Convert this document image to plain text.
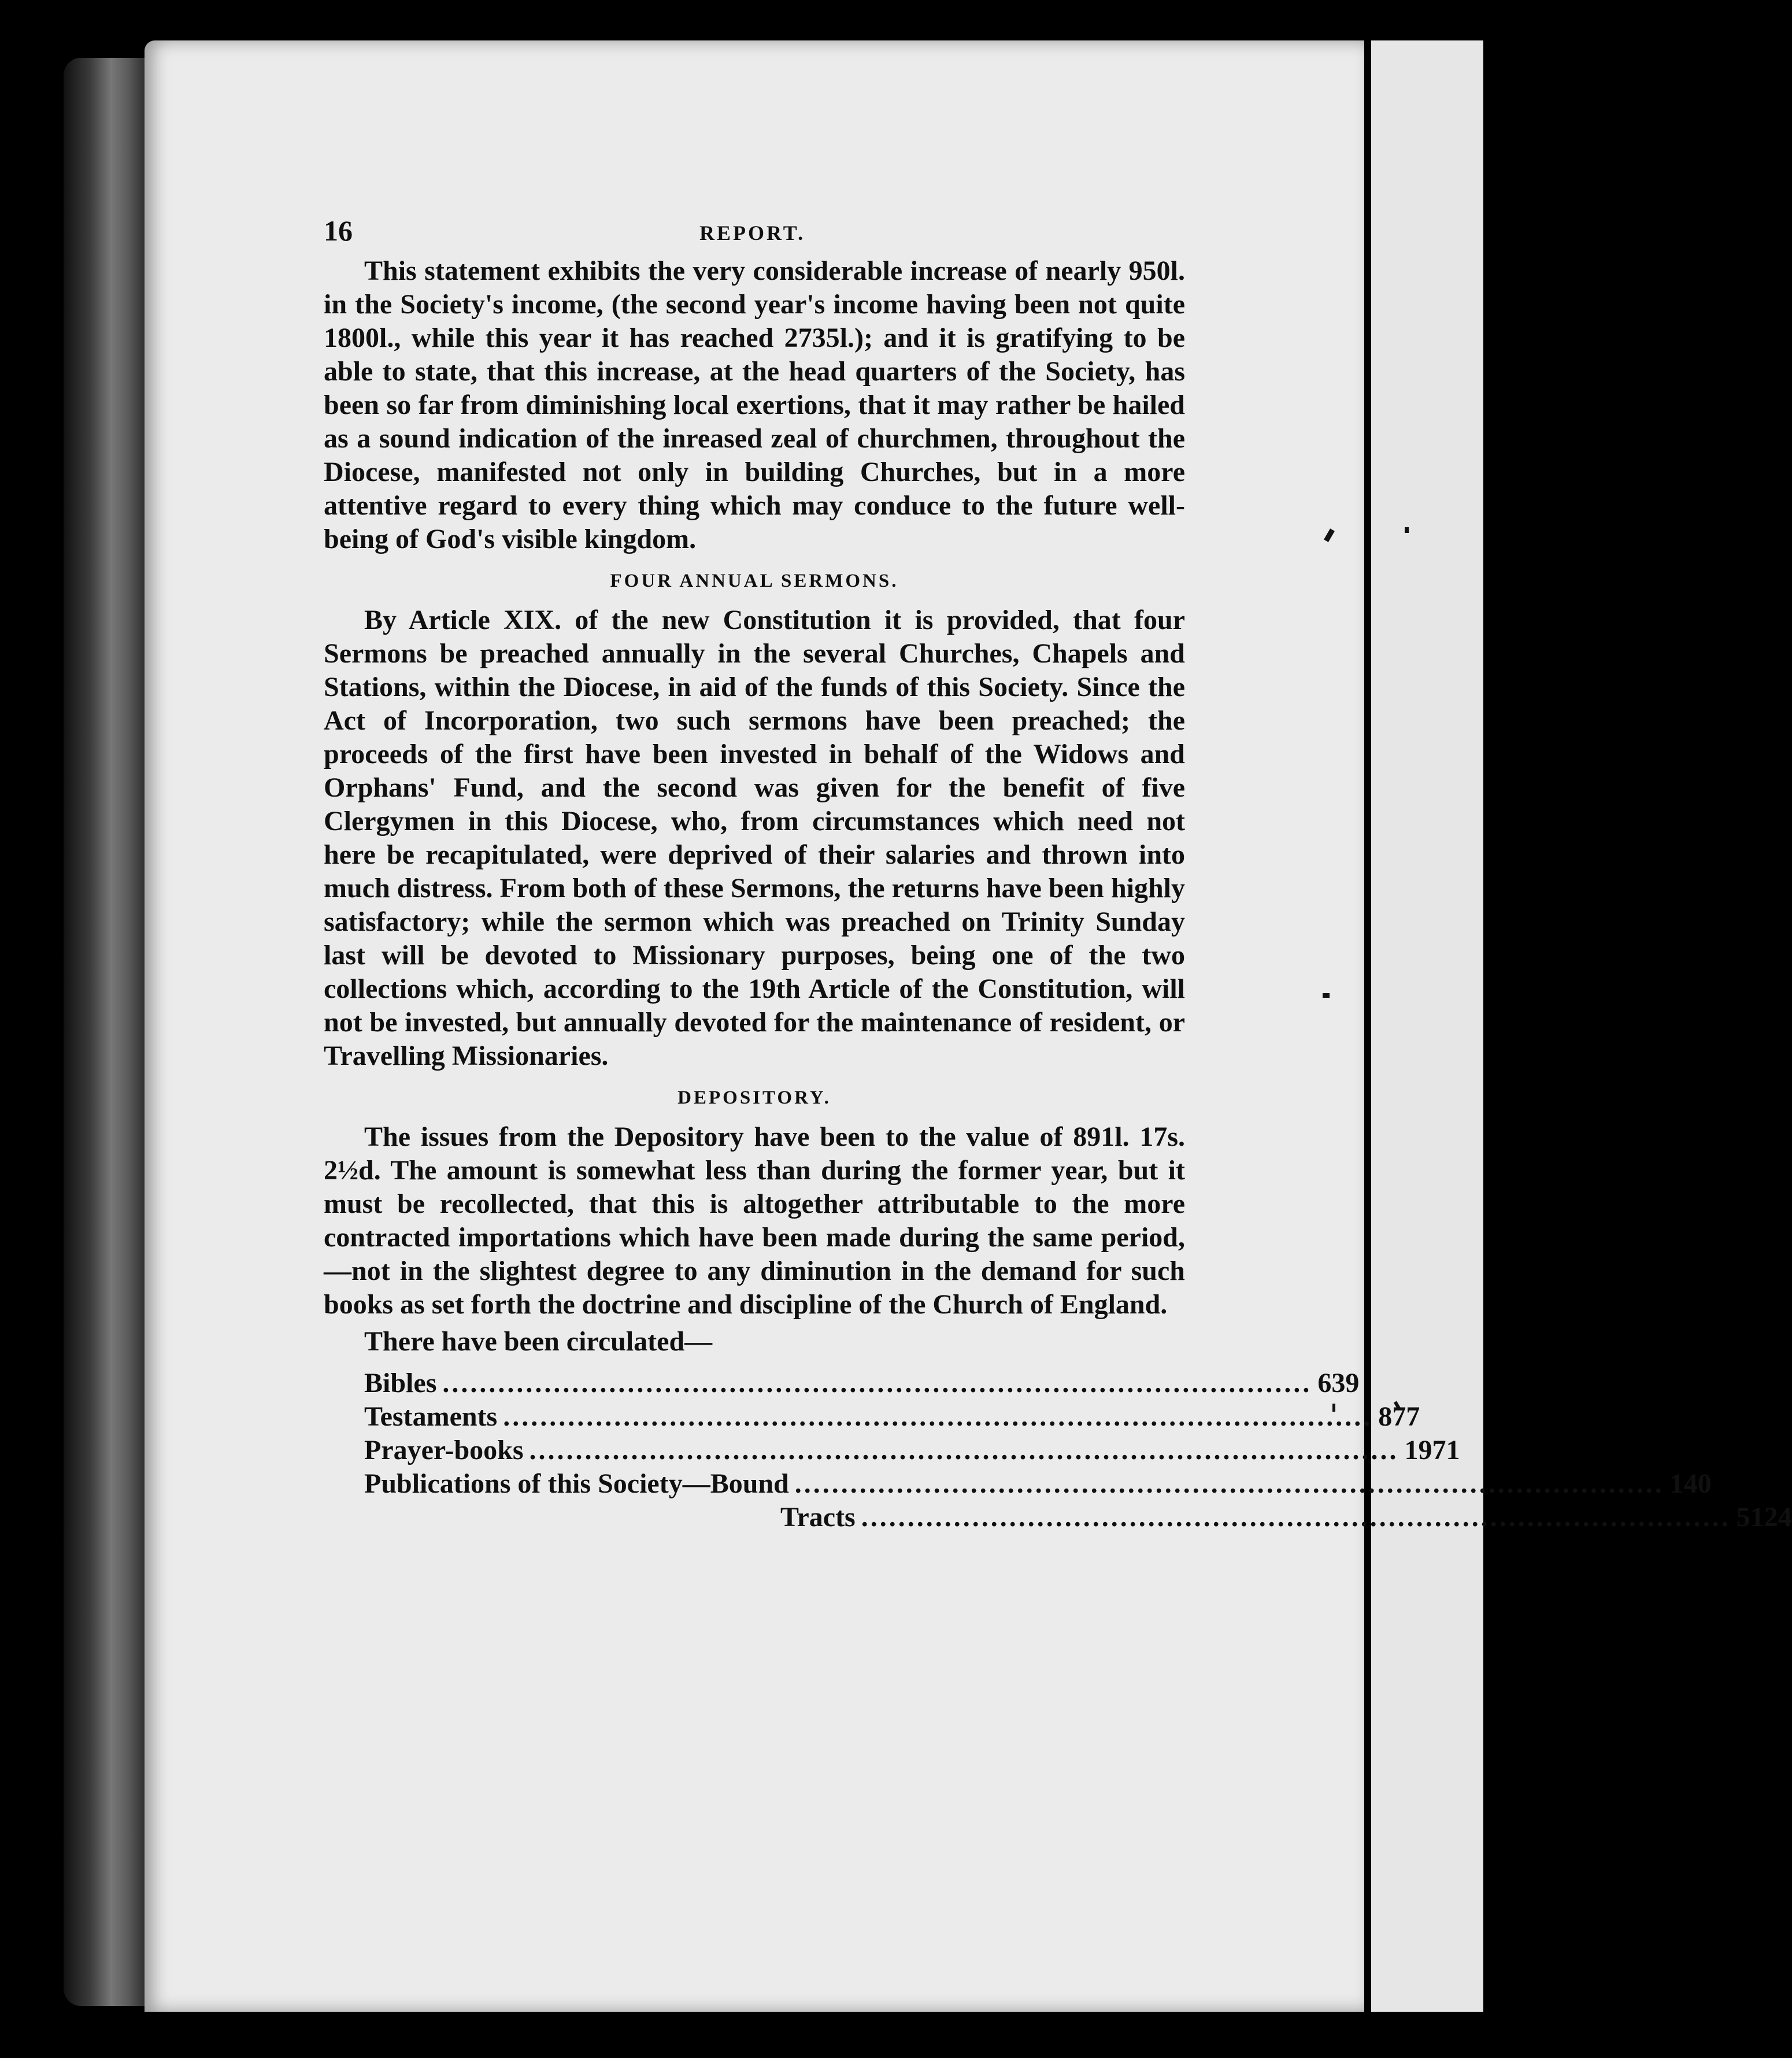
16	REPORT.

This statement exhibits the very considerable increase of nearly 950l. in the Society's income, (the second year's income having been not quite 1800l., while this year it has reached 2735l.); and it is gratifying to be able to state, that this increase, at the head quarters of the Society, has been so far from diminishing local exertions, that it may rather be hailed as a sound indication of the inreased zeal of churchmen, throughout the Diocese, manifested not only in building Churches, but in a more attentive regard to every thing which may conduce to the future well-being of God's visible kingdom.

FOUR ANNUAL SERMONS.

By Article XIX. of the new Constitution it is provided, that four Sermons be preached annually in the several Churches, Chapels and Stations, within the Diocese, in aid of the funds of this Society. Since the Act of Incorporation, two such sermons have been preached; the proceeds of the first have been invested in behalf of the Widows and Orphans' Fund, and the second was given for the benefit of five Clergymen in this Diocese, who, from circumstances which need not here be recapitulated, were deprived of their salaries and thrown into much distress. From both of these Sermons, the returns have been highly satisfactory; while the sermon which was preached on Trinity Sunday last will be devoted to Missionary purposes, being one of the two collections which, according to the 19th Article of the Constitution, will not be invested, but annually devoted for the maintenance of resident, or Travelling Missionaries.

DEPOSITORY.

The issues from the Depository have been to the value of 891l. 17s. 2½d. The amount is somewhat less than during the former year, but it must be recollected, that this is altogether attributable to the more contracted importations which have been made during the same period,—not in the slightest degree to any diminution in the demand for such books as set forth the doctrine and discipline of the Church of England.

There have been circulated—
Bibles .............................................................................................. 639
Testaments .............................................................................................. 877
Prayer-books .............................................................................................. 1971
Publications of this Society—Bound .............................................................................................. 140
Tracts .............................................................................................. 5124
